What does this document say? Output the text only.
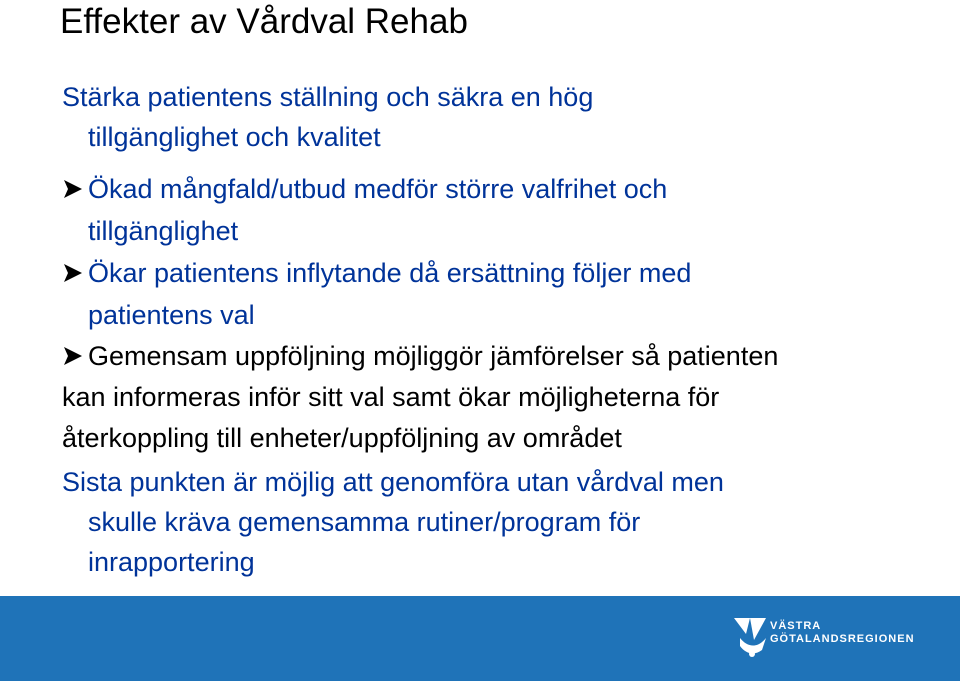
Effekter av Vårdval Rehab
Stärka patientens ställning och säkra en hög
tillgänglighet och kvalitet
Ökad mångfald/utbud medför större valfrihet och
tillgänglighet
Ökar patientens inflytande då ersättning följer med
patientens val
Gemensam uppföljning möjliggör jämförelser så patienten
kan informeras inför sitt val samt ökar möjligheterna för
återkoppling till enheter/uppföljning av området
Sista punkten är möjlig att genomföra utan vårdval men
skulle kräva gemensamma rutiner/program för
inrapportering
VÄSTRA
GÖTALANDSREGIONEN
